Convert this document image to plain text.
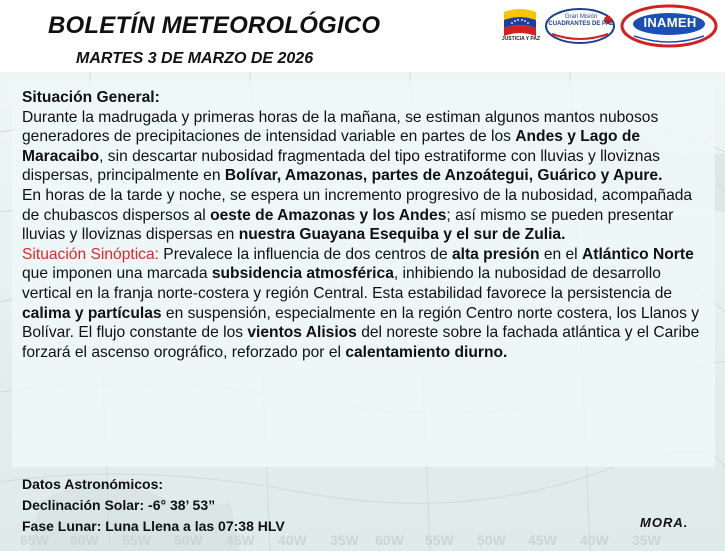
BOLETÍN METEOROLÓGICO
MARTES 3 DE MARZO DE 2026
JUSTICIA Y PAZ
Gran Misión
CUADRANTES DE PAZ	INAMEH

Situación General:

Durante la madrugada y primeras horas de la mañana, se estiman algunos mantos nubosos generadores de precipitaciones de intensidad variable en partes de los Andes y Lago de Maracaibo, sin descartar nubosidad fragmentada del tipo estratiforme con lluvias y lloviznas dispersas, principalmente en Bolívar, Amazonas, partes de Anzoátegui, Guárico y Apure.

En horas de la tarde y noche, se espera un incremento progresivo de la nubosidad, acompañada de chubascos dispersos al oeste de Amazonas y los Andes; así mismo se pueden presentar lluvias y lloviznas dispersas en nuestra Guayana Esequiba y el sur de Zulia.

Situación Sinóptica: Prevalece la influencia de dos centros de alta presión en el Atlántico Norte que imponen una marcada subsidencia atmosférica, inhibiendo la nubosidad de desarrollo vertical en la franja norte-costera y región Central. Esta estabilidad favorece la persistencia de calima y partículas en suspensión, especialmente en la región Centro norte costera, los Llanos y Bolívar. El flujo constante de los vientos Alisios del noreste sobre la fachada atlántica y el Caribe forzará el ascenso orográfico, reforzado por el calentamiento diurno.

Datos Astronómicos:
Declinación Solar: -6° 38’ 53”
Fase Lunar: Luna Llena a las 07:38 HLV	MORA.
65W 60W 55W 50W 45W 40W 35W 60W 55W 50W 45W 40W 35W
